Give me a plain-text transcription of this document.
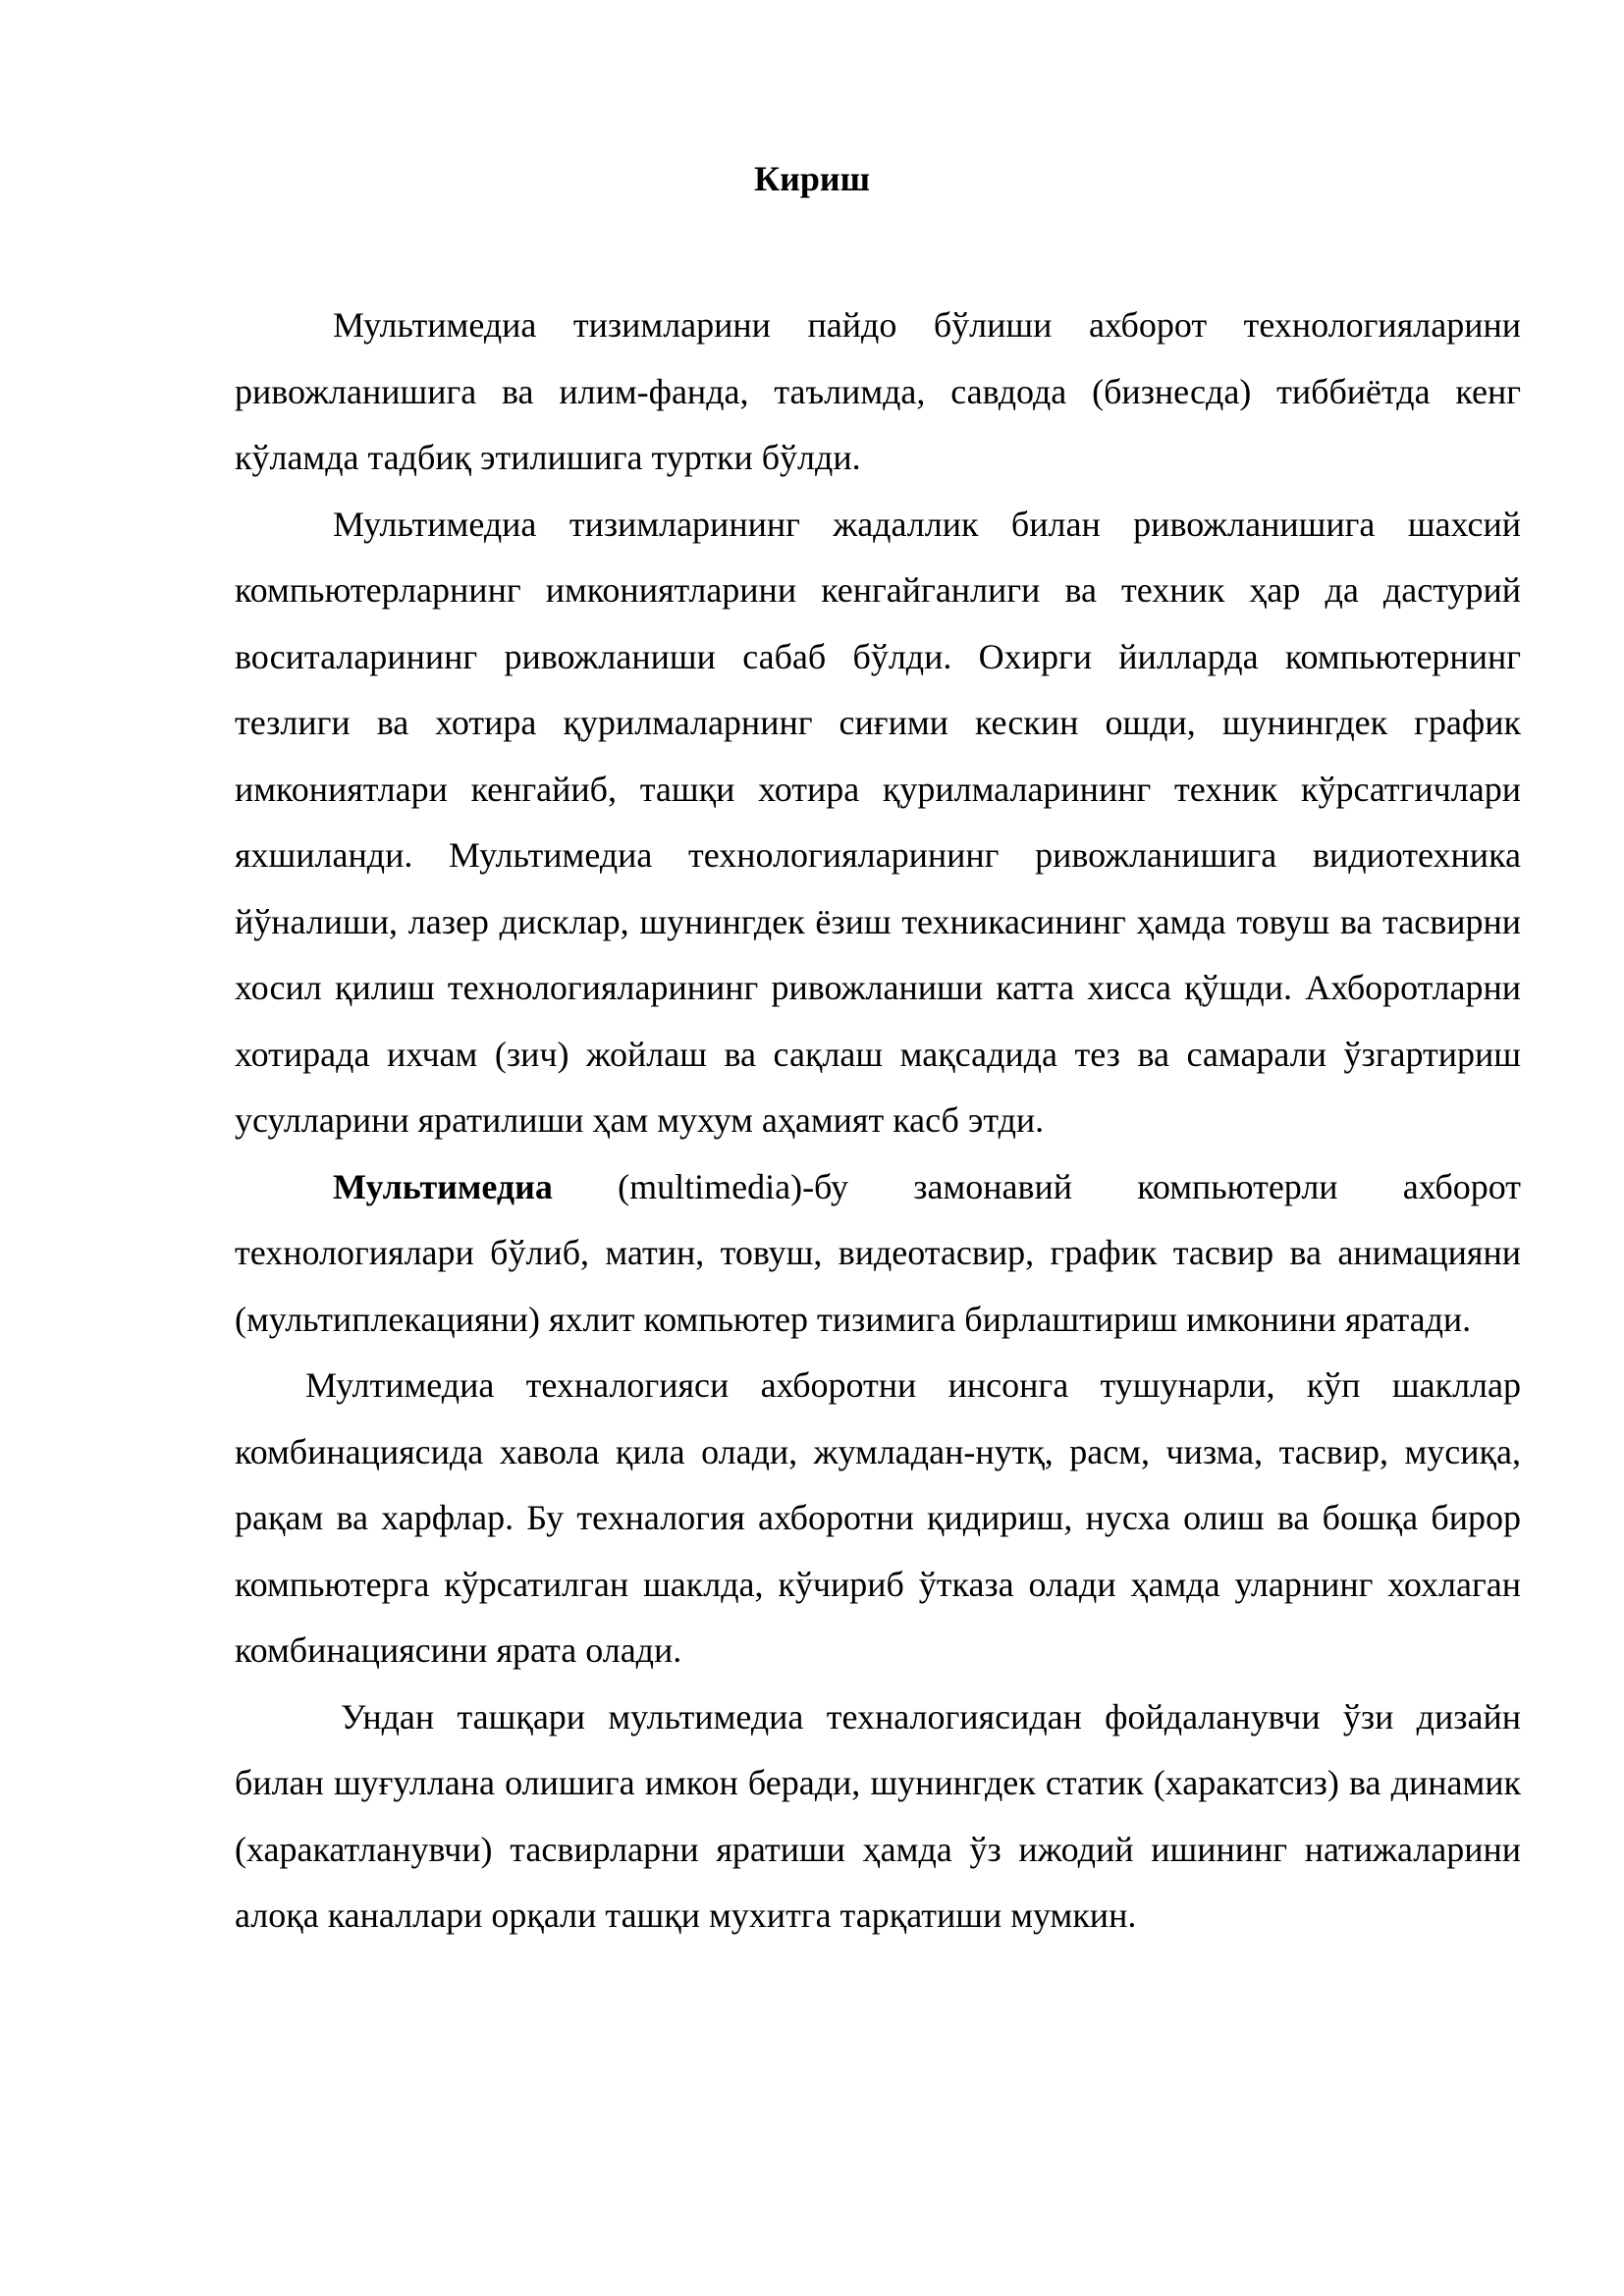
Кириш

Мультимедиа тизимларини пайдо бўлиши ахборот технологияларини ривожланишига ва илим-фанда, таълимда, савдода (бизнесда) тиббиётда кенг кўламда тадбиқ этилишига туртки бўлди.

Мультимедиа тизимларининг жадаллик билан ривожланишига шахсий компьютерларнинг имкониятларини кенгайганлиги ва техник ҳар да дастурий воситаларининг ривожланиши сабаб бўлди. Охирги йилларда компьютернинг тезлиги ва хотира қурилмаларнинг сиғими кескин ошди, шунингдек график имкониятлари кенгайиб, ташқи хотира қурилмаларининг техник кўрсатгичлари яхшиланди. Мультимедиа технологияларининг ривожланишига видиотехника йўналиши, лазер дисклар, шунингдек ёзиш техникасининг ҳамда товуш ва тасвирни хосил қилиш технологияларининг ривожланиши катта хисса қўшди. Ахборотларни хотирада ихчам (зич) жойлаш ва сақлаш мақсадида тез ва самарали ўзгартириш усулларини яратилиши ҳам мухум аҳамият касб этди.

Мультимедиа (multimedia)-бу замонавий компьютерли ахборот технологиялари бўлиб, матин, товуш, видеотасвир, график тасвир ва анимацияни (мультиплекацияни) яхлит компьютер тизимига бирлаштириш имконини яратади.

Мултимедиа техналогияси ахборотни инсонга тушунарли, кўп шакллар комбинациясида хавола қила олади, жумладан-нутқ, расм, чизма, тасвир, мусиқа, рақам ва харфлар. Бу техналогия ахборотни қидириш, нусха олиш ва бошқа бирор компьютерга кўрсатилган шаклда, кўчириб ўтказа олади ҳамда уларнинг хохлаган комбинациясини ярата олади.

Ундан ташқари мультимедиа техналогиясидан фойдаланувчи ўзи дизайн билан шуғуллана олишига имкон беради, шунингдек статик (харакатсиз) ва динамик (харакатланувчи) тасвирларни яратиши ҳамда ўз ижодий ишининг натижаларини алоқа каналлари орқали ташқи мухитга тарқатиши мумкин.
